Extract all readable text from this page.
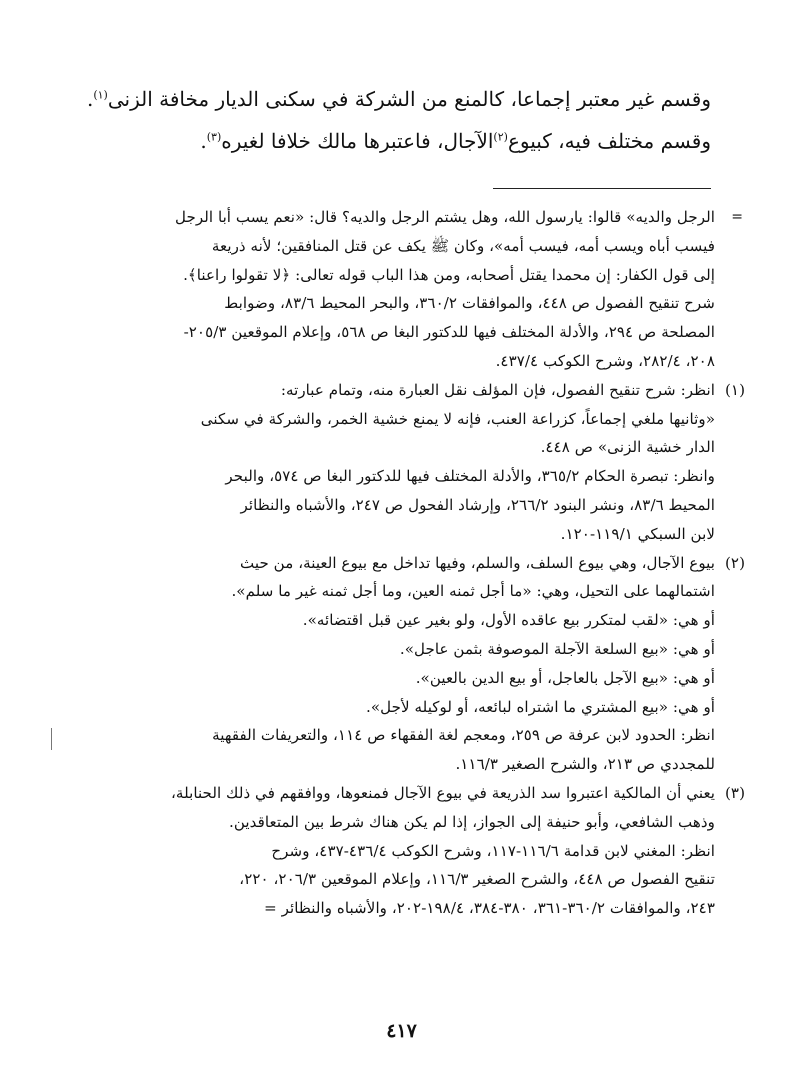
وقسم غير معتبر إجماعا، كالمنع من الشركة في سكنى الديار مخافة الزنى$^{(١)}$.
وقسم مختلف فيه، كبيوع$^{(٢)}$الآجال، فاعتبرها مالك خلافا لغيره$^{(٣)}$.
=
الرجل والديه» قالوا: يارسول الله، وهل يشتم الرجل والديه؟ قال: «نعم يسب أبا الرجل
فيسب أباه ويسب أمه، فيسب أمه»، وكان ﷺ يكف عن قتل المنافقين؛ لأنه ذريعة
إلى قول الكفار: إن محمدا يقتل أصحابه، ومن هذا الباب قوله تعالى: ﴿لا تقولوا راعنا﴾.
شرح تنقيح الفصول ص ٤٤٨، والموافقات ٣٦٠/٢، والبحر المحيط ٨٣/٦، وضوابط
المصلحة ص ٢٩٤، والأدلة المختلف فيها للدكتور البغا ص ٥٦٨، وإعلام الموقعين ٢٠٥/٣-
٢٠٨، ٢٨٢/٤، وشرح الكوكب ٤٣٧/٤.
(١)
انظر: شرح تنقيح الفصول، فإن المؤلف نقل العبارة منه، وتمام عبارته:
«وثانيها ملغي إجماعاً، كزراعة العنب، فإنه لا يمنع خشية الخمر، والشركة في سكنى
الدار خشية الزنى» ص ٤٤٨.
وانظر: تبصرة الحكام ٣٦٥/٢، والأدلة المختلف فيها للدكتور البغا ص ٥٧٤، والبحر
المحيط ٨٣/٦، ونشر البنود ٢٦٦/٢، وإرشاد الفحول ص ٢٤٧، والأشباه والنظائر
لابن السبكي ١١٩/١-١٢٠.
(٢)
بيوع الآجال، وهي بيوع السلف، والسلم، وفيها تداخل مع بيوع العينة، من حيث
اشتمالهما على التحيل، وهي: «ما أجل ثمنه العين، وما أجل ثمنه غير ما سلم».
أو هي: «لقب لمتكرر بيع عاقده الأول، ولو بغير عين قبل اقتضائه».
أو هي: «بيع السلعة الآجلة الموصوفة بثمن عاجل».
أو هي: «بيع الآجل بالعاجل، أو بيع الدين بالعين».
أو هي: «بيع المشتري ما اشتراه لبائعه، أو لوكيله لأجل».
انظر: الحدود لابن عرفة ص ٢٥٩، ومعجم لغة الفقهاء ص ١١٤، والتعريفات الفقهية
للمجددي ص ٢١٣، والشرح الصغير ١١٦/٣.
(٣)
يعني أن المالكية اعتبروا سد الذريعة في بيوع الآجال فمنعوها، ووافقهم في ذلك الحنابلة،
وذهب الشافعي، وأبو حنيفة إلى الجواز، إذا لم يكن هناك شرط بين المتعاقدين.
انظر: المغني لابن قدامة ١١٦/٦-١١٧، وشرح الكوكب ٤٣٦/٤-٤٣٧، وشرح
تنقيح الفصول ص ٤٤٨، والشرح الصغير ١١٦/٣، وإعلام الموقعين ٢٠٦/٣، ٢٢٠،
٢٤٣، والموافقات ٣٦٠/٢-٣٦١، ٣٨٠-٣٨٤، ١٩٨/٤-٢٠٢، والأشباه والنظائر =
٤١٧
